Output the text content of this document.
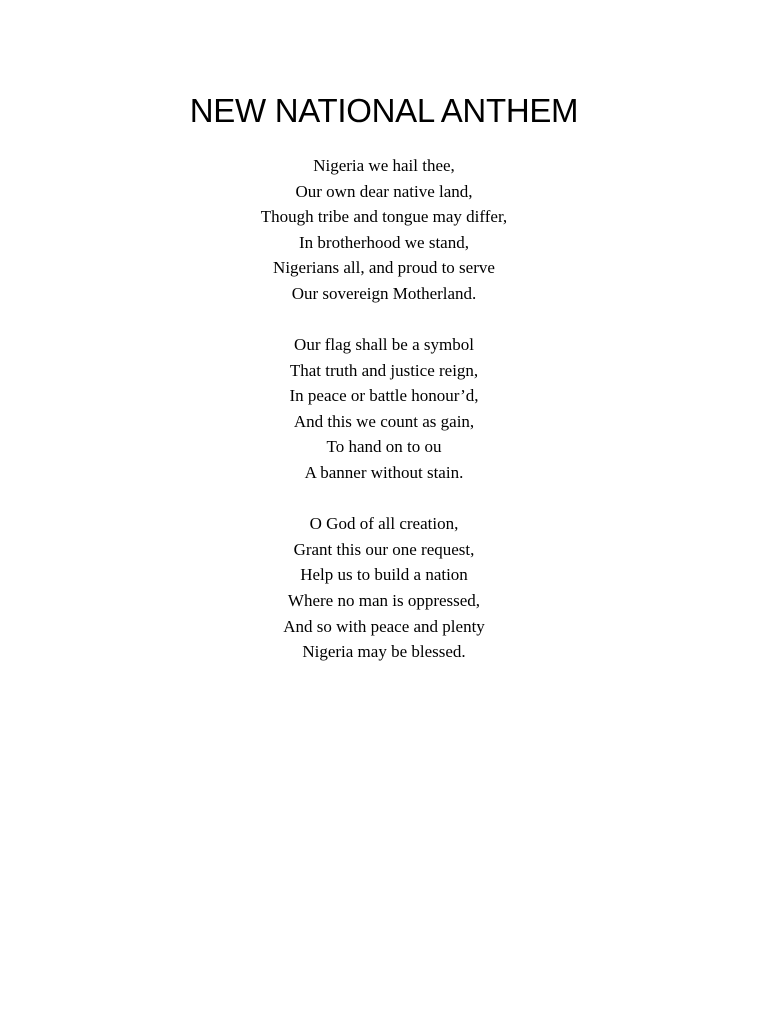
NEW NATIONAL ANTHEM
Nigeria we hail thee,
Our own dear native land,
Though tribe and tongue may differ,
In brotherhood we stand,
Nigerians all, and proud to serve
Our sovereign Motherland.
Our flag shall be a symbol
That truth and justice reign,
In peace or battle honour’d,
And this we count as gain,
To hand on to ou
A banner without stain.
O God of all creation,
Grant this our one request,
Help us to build a nation
Where no man is oppressed,
And so with peace and plenty
Nigeria may be blessed.
